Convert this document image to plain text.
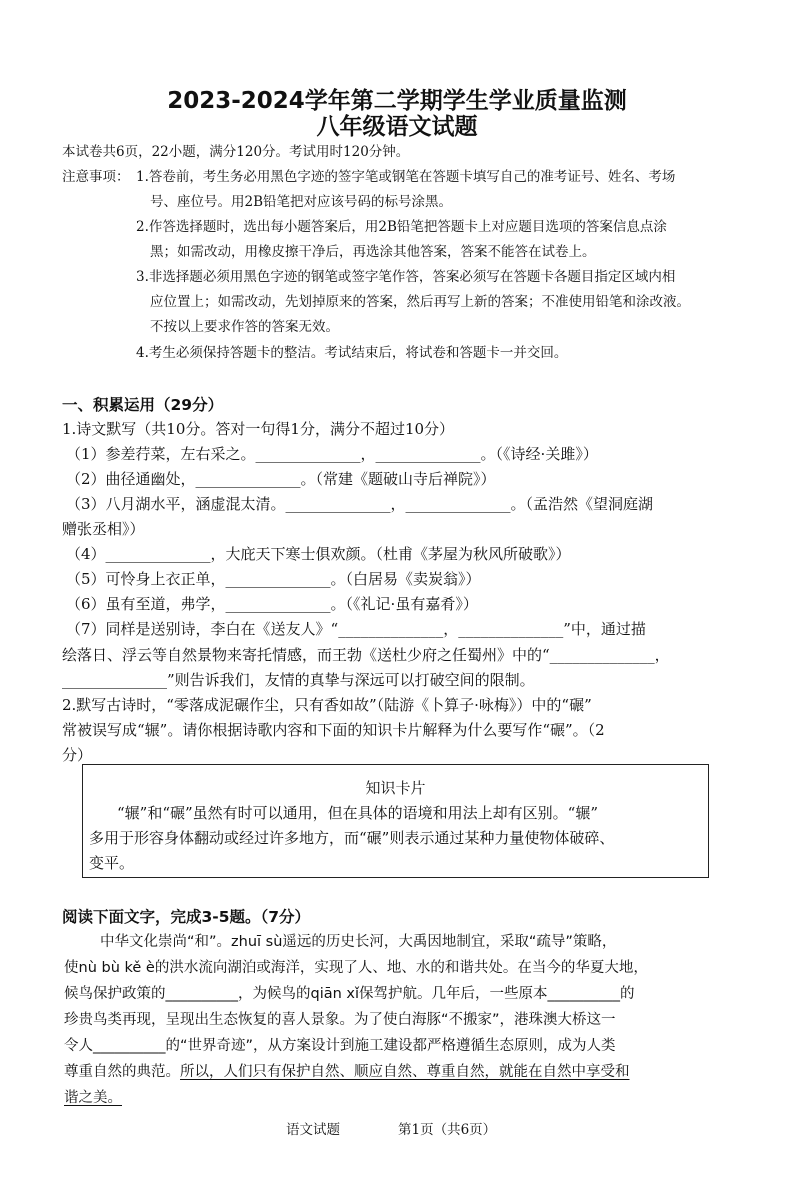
2023-2024学年第二学期学生学业质量监测
八年级语文试题
本试卷共6页，22小题，满分120分。考试用时120分钟。
注意事项： 1.答卷前，考生务必用黑色字迹的签字笔或钢笔在答题卡填写自己的准考证号、姓名、考场
号、座位号。用2B铅笔把对应该号码的标号涂黑。
2.作答选择题时，选出每小题答案后，用2B铅笔把答题卡上对应题目选项的答案信息点涂
黑；如需改动，用橡皮擦干净后，再选涂其他答案，答案不能答在试卷上。
3.非选择题必须用黑色字迹的钢笔或签字笔作答，答案必须写在答题卡各题目指定区域内相
应位置上；如需改动，先划掉原来的答案，然后再写上新的答案；不准使用铅笔和涂改液。
不按以上要求作答的答案无效。
4.考生必须保持答题卡的整洁。考试结束后，将试卷和答题卡一并交回。
一、积累运用（29分）
1.诗文默写（共10分。答对一句得1分，满分不超过10分）
（1）参差荇菜，左右采之。______________，______________。（《诗经·关雎》）
（2）曲径通幽处，______________。（常建《题破山寺后禅院》）
（3）八月湖水平，涵虚混太清。______________，______________。（孟浩然《望洞庭湖
赠张丞相》）
（4）______________，大庇天下寒士俱欢颜。（杜甫《茅屋为秋风所破歌》）
（5）可怜身上衣正单，______________。（白居易《卖炭翁》）
（6）虽有至道，弗学，______________。（《礼记·虽有嘉肴》）
（7）同样是送别诗，李白在《送友人》“______________，______________”中，通过描
绘落日、浮云等自然景物来寄托情感，而王勃《送杜少府之任蜀州》中的“______________，
______________”则告诉我们，友情的真挚与深远可以打破空间的限制。
2.默写古诗时，“零落成泥碾作尘，只有香如故”（陆游《卜算子·咏梅》）中的“碾”
常被误写成“辗”。请你根据诗歌内容和下面的知识卡片解释为什么要写作“碾”。（2
分）
知识卡片
“辗”和“碾”虽然有时可以通用，但在具体的语境和用法上却有区别。“辗”
多用于形容身体翻动或经过许多地方，而“碾”则表示通过某种力量使物体破碎、
变平。
阅读下面文字，完成3-5题。（7分）
中华文化崇尚“和”。zhuī sù遥远的历史长河，大禹因地制宜，采取“疏导”策略，
使nù bù kě è的洪水流向湖泊或海洋，实现了人、地、水的和谐共处。在当今的华夏大地，
候鸟保护政策的__________，为候鸟的qiān xǐ保驾护航。几年后，一些原本__________的
珍贵鸟类再现，呈现出生态恢复的喜人景象。为了使白海豚“不搬家”，港珠澳大桥这一
令人__________的“世界奇迹”，从方案设计到施工建设都严格遵循生态原则，成为人类
尊重自然的典范。所以，人们只有保护自然、顺应自然、尊重自然，就能在自然中享受和
谐之美。
语文试题	第1页（共6页）
